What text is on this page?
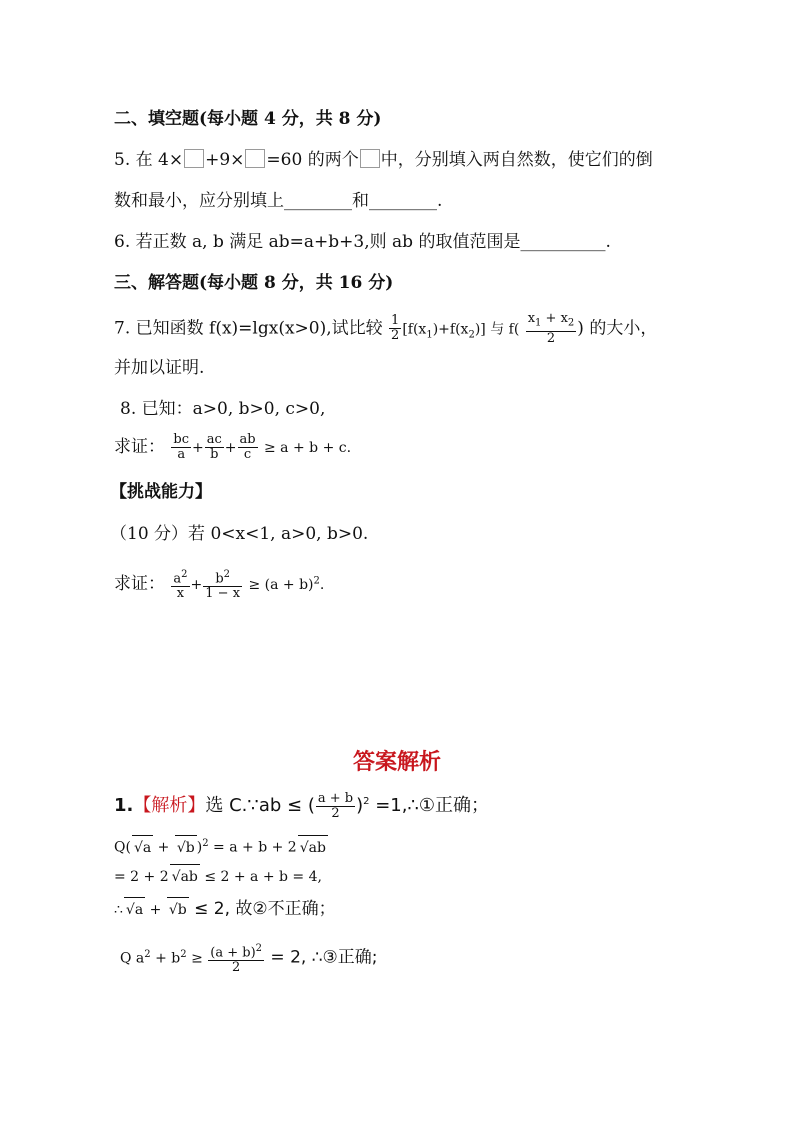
二、填空题(每小题 4 分，共 8 分)
5. 在 4× +9× =60 的两个 中，分别填入两自然数，使它们的倒
数和最小，应分别填上________和________.
6. 若正数 a, b 满足 ab=a+b+3,则 ab 的取值范围是__________.
三、解答题(每小题 8 分，共 16 分)
7. 已知函数 f(x)=lgx(x>0),试比较 $\frac{1}{2} [f(x_1)+f(x_2)]$ 与 $f( \frac{x_1 + x_2}{2}$ ) 的大小，
并加以证明.
8. 已知：a>0, b>0, c>0,
求证： $\frac{bc}{a} + \frac{ac}{b} + \frac{ab}{c} \ge a + b + c$.
【挑战能力】
（10 分）若 0<x<1, a>0, b>0.
求证： $\frac{a^2}{x} + \frac{b^2}{1 - x} \ge (a + b)^2$.
答案解析
1.【解析】选 C.∵ab ≤ ( $\frac{a + b}{2} )^2$ =1,∴①正确；
Q( √a + √b )$^2$ = a + b + 2 √ab
= 2 + 2 √ab ≤ 2 + a + b = 4,
∴ √a + √b ≤ 2, 故②不正确；
Q $a^2 + b^2 \ge \frac{(a + b)^2}{2} = 2$, ∴③正确;
